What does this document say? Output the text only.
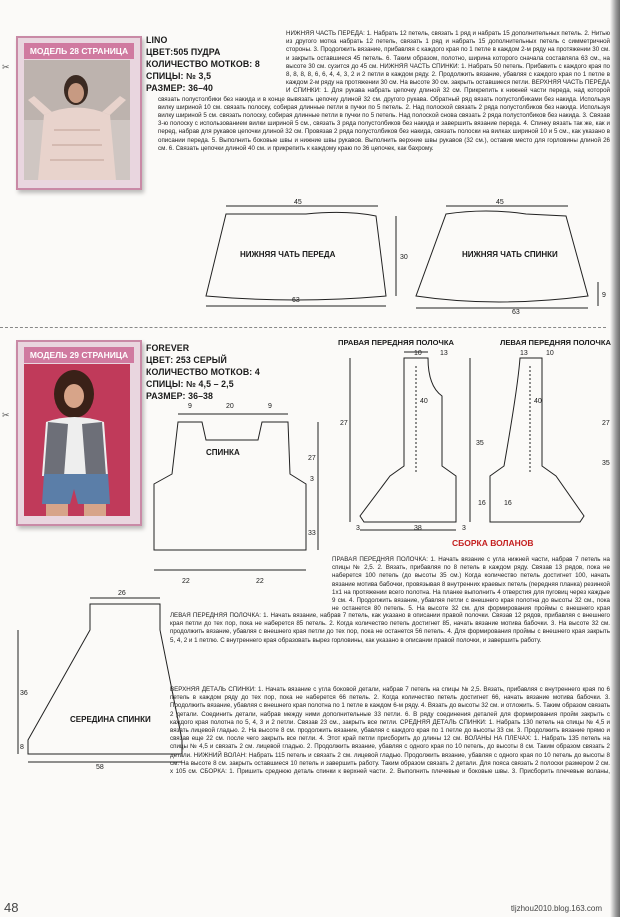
✂
МОДЕЛЬ 28 СТРАНИЦА
LINO
ЦВЕТ:505 ПУДРА
КОЛИЧЕСТВО МОТКОВ: 8
СПИЦЫ: № 3,5
РАЗМЕР: 36–40
НИЖНЯЯ ЧАСТЬ ПЕРЕДА: 1. Набрать 12 петель, связать 1 ряд и набрать 15 дополнительных петель. 2. Нитью из другого мотка набрать 12 петель, связать 1 ряд и набрать 15 дополнительных петель с симметричной стороны. 3. Продолжить вязание, прибавляя с каждого края по 1 петле в каждом 2-м ряду на протяжении 30 см. и закрыть оставшиеся 45 петель. 6. Таким образом, полотно, ширина которого сначала составляла 63 см., на высоте 30 см. сузится до 45 см. НИЖНЯЯ ЧАСТЬ СПИНКИ: 1. Набрать 50 петель. Прибавить с каждого края по 8, 8, 8, 8, 6, 6, 4, 4, 3, 2 и 2 петли в каждом ряду. 2. Продолжить вязание, убавляя с каждого края по 1 петле в каждом 2-м ряду на протяжении 30 см. На высоте 30 см. закрыть оставшиеся петли. ВЕРХНЯЯ ЧАСТЬ ПЕРЕДА И СПИНКИ: 1. Для рукава набрать цепочку длиной 32 см. Прикрепить к нижней части переда, над которой связать полустолбики без накида и в конце вывязать цепочку длиной 32 см. другого рукава. Обратный ряд вязать полустолбиками без накида. Используя вилку шириной 10 см. связать полоску, собирая длинные петли в пучки по 5 петель. 2. Над полоской связать 2 ряда полустолбиков без накида. Используя вилку шириной 5 см. связать полоску, собирая длинные петли в пучки по 5 петель. Над полоской снова связать 2 ряда полустолбиков без накида. 3. Связав 3-ю полоску с использованием вилки шириной 5 см., связать 3 ряда полустолбиков без накида и завершить вязание переда. 4. Спинку вязать так же, как и перед, набрав для рукавов цепочки длиной 32 см. Провязав 2 ряда полустолбиков без накида, связать полоски на вилках шириной 10 и 5 см., как указано в описании переда. 5. Выполнить боковые швы и нижние швы рукавов. Выполнить верхние швы рукавов (32 см.), оставив место для горловины длиной 26 см. 6. Связать цепочки длиной 40 см. и прикрепить к каждому краю по 36 цепочек, как бахрому.
45
63
30
45
63
9
НИЖНЯЯ ЧАТЬ ПЕРЕДА	НИЖНЯЯ ЧАТЬ СПИНКИ
✂
МОДЕЛЬ 29 СТРАНИЦА
FOREVER
ЦВЕТ: 253 СЕРЫЙ
КОЛИЧЕСТВО МОТКОВ: 4
СПИЦЫ: № 4,5 – 2,5
РАЗМЕР: 36–38
9	20	9
22	22
27
3
33
СПИНКА
ПРАВАЯ ПЕРЕДНЯЯ ПОЛОЧКА	ЛЕВАЯ ПЕРЕДНЯЯ ПОЛОЧКА
10	13
27
40
35
16
3	38	3
13	10
40
16
35
27
СБОРКА ВОЛАНОВ
26
58
36
8
СЕРЕДИНА СПИНКИ
ПРАВАЯ ПЕРЕДНЯЯ ПОЛОЧКА: 1. Начать вязание с угла нижней части, набрав 7 петель на спицы № 2,5. 2. Вязать, прибавляя по 8 петель в каждом ряду. Связав 13 рядов, пока не наберется 100 петель (до высоты 35 см.) Когда количество петель достигнет 100, начать вязание мотива бабочки, провязывая 8 внутренних краевых петель (передняя планка) резинкой 1х1 на протяжении всего полотна. На планке выполнить 4 отверстия для пуговиц через каждые 9 см. 4. Продолжить вязание, убавляя петли с внешнего края полотна до высоты 32 см., пока не останется 80 петель. 5. На высоте 32 см. для формирования проймы с внешнего края
ЛЕВАЯ ПЕРЕДНЯЯ ПОЛОЧКА: 1. Начать вязание, набрав 7 петель, как указано в описании правой полочки. Связав 12 рядов, прибавляя с внешнего края петли до тех пор, пока не наберется 85 петель. 2. Когда количество петель достигнет 85, начать вязание мотива бабочки. 3. На высоте 32 см. продолжить вязание, убавляя с внешнего края петли до тех пор, пока не останется 56 петель. 4. Для формирования проймы с внешнего края закрыть 5, 4, 2 и 1 петлю. С внутреннего края образовать вырез горловины, как указано в описании правой полочки, и завершить работу.
ВЕРХНЯЯ ДЕТАЛЬ СПИНКИ: 1. Начать вязание с угла боковой детали, набрав 7 петель на спицы № 2,5. Вязать, прибавляя с внутреннего края по 6 петель в каждом ряду до тех пор, пока не наберется 66 петель. 2. Когда количество петель достигнет 66, начать вязание мотива бабочки. 3. Продолжить вязание, убавляя с внешнего края полотна по 1 петле в каждом 6-м ряду. 4. Вязать до высоты 32 см. и отложить. 5. Таким образом связать 2 детали. Соединить детали, набрав между ними дополнительные 33 петли. 6. В ряду соединения деталей для формирования пройм закрыть с каждого края полотна по 5, 4, 3 и 2 петли. Связав 23 см., закрыть все петли. СРЕДНЯЯ ДЕТАЛЬ СПИНКИ: 1. Набрать 130 петель на спицы № 4,5 и вязать лицевой гладью. 2. На высоте 8 см. продолжить вязание, убавляя с каждого края по 1 петле до высоты 33 см. 3. Продолжить вязание прямо и связав еще 22 см. после чего закрыть все петли. 4. Этот край петли присборить до длины 12 см. ВОЛАНЫ НА ПЛЕЧАХ: 1. Набрать 135 петель на спицы № 4,5 и связать 2 см. лицевой гладью. 2. Продолжить вязание, убавляя с одного края по 10 петель, до высоты 8 см. Таким образом связать 2 детали. НИЖНИЙ ВОЛАН: Набрать 115 петель и связать 2 см. лицевой гладью. Продолжить вязание, убавляя с одного края по 10 петель до высоты 8 см. На высоте 8 см. закрыть оставшиеся 10 петель и завершить работу. Таким образом связать 2 детали. Для пояса связать 2 полоски размером 2 см. х 105 см. СБОРКА: 1. Пришить среднюю деталь спинки к верхней части. 2. Выполнить плечевые и боковые швы. 3. Присборить плечевые воланы,
48	tljzhou2010.blog.163.com
